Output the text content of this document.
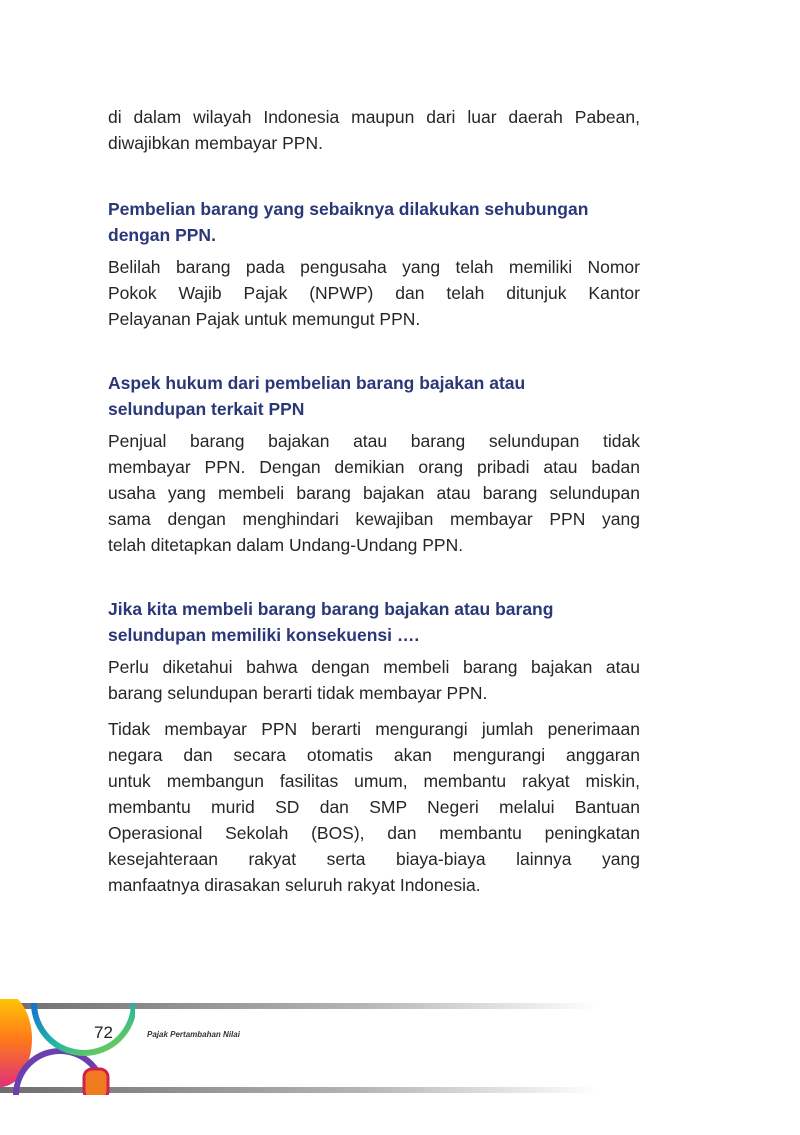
di dalam wilayah Indonesia maupun dari luar daerah Pabean,
diwajibkan membayar PPN.
Pembelian barang yang sebaiknya dilakukan sehubungan
dengan PPN.
Belilah barang pada pengusaha yang telah memiliki Nomor
Pokok Wajib Pajak (NPWP) dan telah ditunjuk Kantor
Pelayanan Pajak untuk memungut PPN.
Aspek hukum dari pembelian barang bajakan atau
selundupan terkait PPN
Penjual barang bajakan atau barang selundupan tidak
membayar PPN. Dengan demikian orang pribadi atau badan
usaha yang membeli barang bajakan atau barang selundupan
sama dengan menghindari kewajiban membayar PPN yang
telah ditetapkan dalam Undang-Undang PPN.
Jika kita membeli barang barang bajakan atau barang
selundupan memiliki konsekuensi ….
Perlu diketahui bahwa dengan membeli barang bajakan atau
barang selundupan berarti tidak membayar PPN.
Tidak membayar PPN berarti mengurangi jumlah penerimaan
negara dan secara otomatis akan mengurangi anggaran
untuk membangun fasilitas umum, membantu rakyat miskin,
membantu murid SD dan SMP Negeri melalui Bantuan
Operasional Sekolah (BOS), dan membantu peningkatan
kesejahteraan rakyat serta biaya-biaya lainnya yang
manfaatnya dirasakan seluruh rakyat Indonesia.
72	Pajak Pertambahan Nilai
